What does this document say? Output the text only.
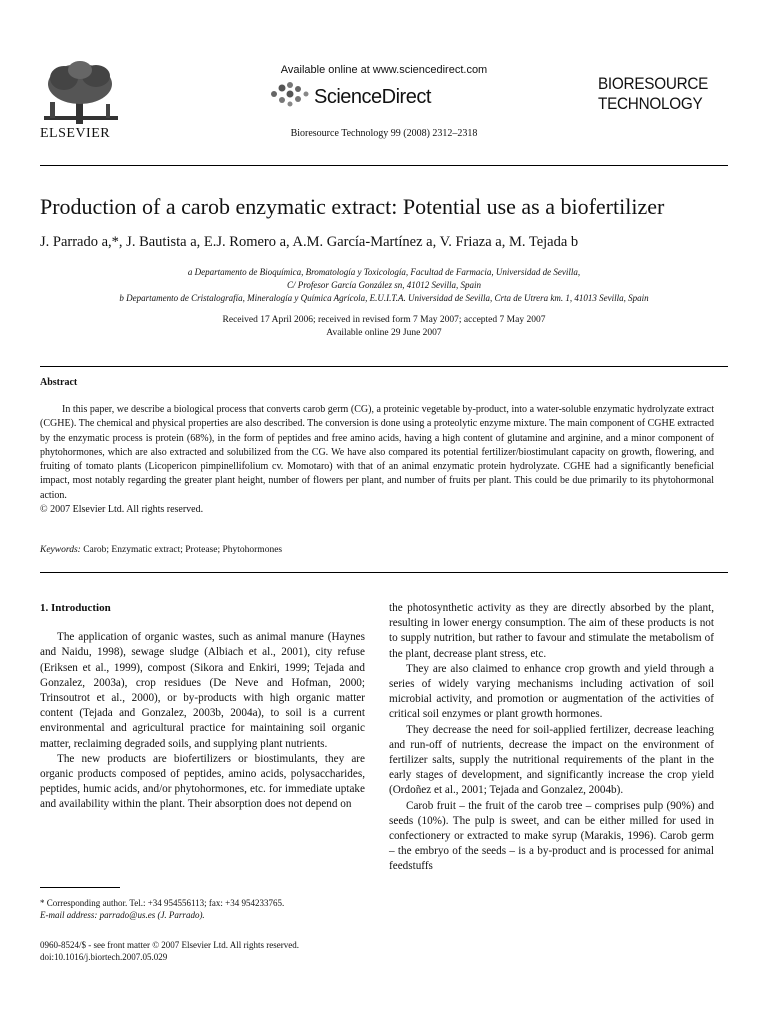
ELSEVIER
Available online at www.sciencedirect.com
ScienceDirect
Bioresource Technology 99 (2008) 2312–2318
BIORESOURCE
TECHNOLOGY
Production of a carob enzymatic extract: Potential use as a biofertilizer
J. Parrado a,*, J. Bautista a, E.J. Romero a, A.M. García-Martínez a, V. Friaza a, M. Tejada b
a Departamento de Bioquímica, Bromatología y Toxicología, Facultad de Farmacia, Universidad de Sevilla,
C/ Profesor García González sn, 41012 Sevilla, Spain
b Departamento de Cristalografía, Mineralogía y Química Agrícola, E.U.I.T.A. Universidad de Sevilla, Crta de Utrera km. 1, 41013 Sevilla, Spain
Received 17 April 2006; received in revised form 7 May 2007; accepted 7 May 2007
Available online 29 June 2007
Abstract

In this paper, we describe a biological process that converts carob germ (CG), a proteinic vegetable by-product, into a water-soluble enzymatic hydrolyzate extract (CGHE). The chemical and physical properties are also described. The conversion is done using a proteolytic enzyme mixture. The main component of CGHE extracted by the enzymatic process is protein (68%), in the form of peptides and free amino acids, having a high content of glutamine and arginine, and a minor component of phytohormones, which are also extracted and solubilized from the CG. We have also compared its potential fertilizer/biostimulant capacity on growth, flowering, and fruiting of tomato plants (Licopericon pimpinellifolium cv. Momotaro) with that of an animal enzymatic protein hydrolyzate. CGHE had a significantly beneficial impact, most notably regarding the greater plant height, number of flowers per plant, and number of fruits per plant. This could be due primarily to its phytohormonal action.

© 2007 Elsevier Ltd. All rights reserved.
Keywords: Carob; Enzymatic extract; Protease; Phytohormones
1. Introduction

The application of organic wastes, such as animal manure (Haynes and Naidu, 1998), sewage sludge (Albiach et al., 2001), city refuse (Eriksen et al., 1999), compost (Sikora and Enkiri, 1999; Tejada and Gonzalez, 2003a), crop residues (De Neve and Hofman, 2000; Trinsoutrot et al., 2000), or by-products with high organic matter content (Tejada and Gonzalez, 2003b, 2004a), to soil is a current environmental and agricultural practice for maintaining soil organic matter, reclaiming degraded soils, and supplying plant nutrients.

The new products are biofertilizers or biostimulants, they are organic products composed of peptides, amino acids, polysaccharides, peptides, humic acids, and/or phytohormones, etc. for immediate uptake and availability within the plant. Their absorption does not depend on

the photosynthetic activity as they are directly absorbed by the plant, resulting in lower energy consumption. The aim of these products is not to supply nutrition, but rather to favour and stimulate the metabolism of the plant, decrease plant stress, etc.

They are also claimed to enhance crop growth and yield through a series of widely varying mechanisms including activation of soil microbial activity, and promotion or augmentation of the activities of critical soil enzymes or plant growth hormones.

They decrease the need for soil-applied fertilizer, decrease leaching and run-off of nutrients, decrease the impact on the environment of fertilizer salts, supply the nutritional requirements of the plant in the early stages of development, and significantly increase the crop yield (Ordoñez et al., 2001; Tejada and Gonzalez, 2004b).

Carob fruit – the fruit of the carob tree – comprises pulp (90%) and seeds (10%). The pulp is sweet, and can be either milled for used in confectionery or extracted to make syrup (Marakis, 1996). Carob germ – the embryo of the seeds – is a by-product and is processed for animal feedstuffs

* Corresponding author. Tel.: +34 954556113; fax: +34 954233765.
E-mail address: parrado@us.es (J. Parrado).
0960-8524/$ - see front matter © 2007 Elsevier Ltd. All rights reserved.
doi:10.1016/j.biortech.2007.05.029
